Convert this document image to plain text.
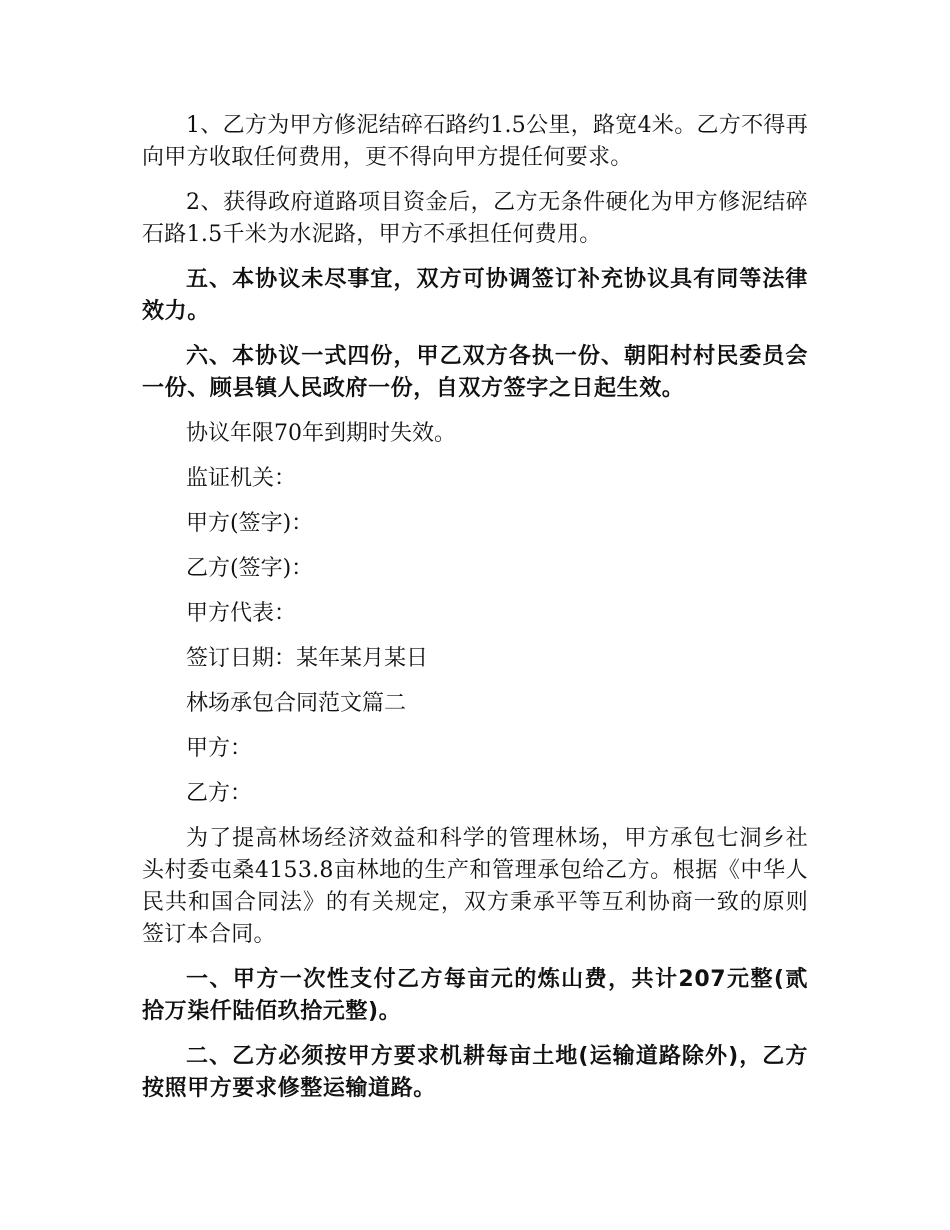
1、乙方为甲方修泥结碎石路约1.5公里，路宽4米。乙方不得再向甲方收取任何费用，更不得向甲方提任何要求。

2、获得政府道路项目资金后，乙方无条件硬化为甲方修泥结碎石路1.5千米为水泥路，甲方不承担任何费用。

五、本协议未尽事宜，双方可协调签订补充协议具有同等法律效力。

六、本协议一式四份，甲乙双方各执一份、朝阳村村民委员会一份、顾县镇人民政府一份，自双方签字之日起生效。

协议年限70年到期时失效。

监证机关：

甲方(签字)：

乙方(签字)：

甲方代表：

签订日期：某年某月某日

林场承包合同范文篇二

甲方：

乙方：

为了提高林场经济效益和科学的管理林场，甲方承包七洞乡社头村委屯桑4153.8亩林地的生产和管理承包给乙方。根据《中华人民共和国合同法》的有关规定，双方秉承平等互利协商一致的原则签订本合同。

一、甲方一次性支付乙方每亩元的炼山费，共计207元整(贰拾万柒仟陆佰玖拾元整)。

二、乙方必须按甲方要求机耕每亩土地(运输道路除外)，乙方按照甲方要求修整运输道路。
